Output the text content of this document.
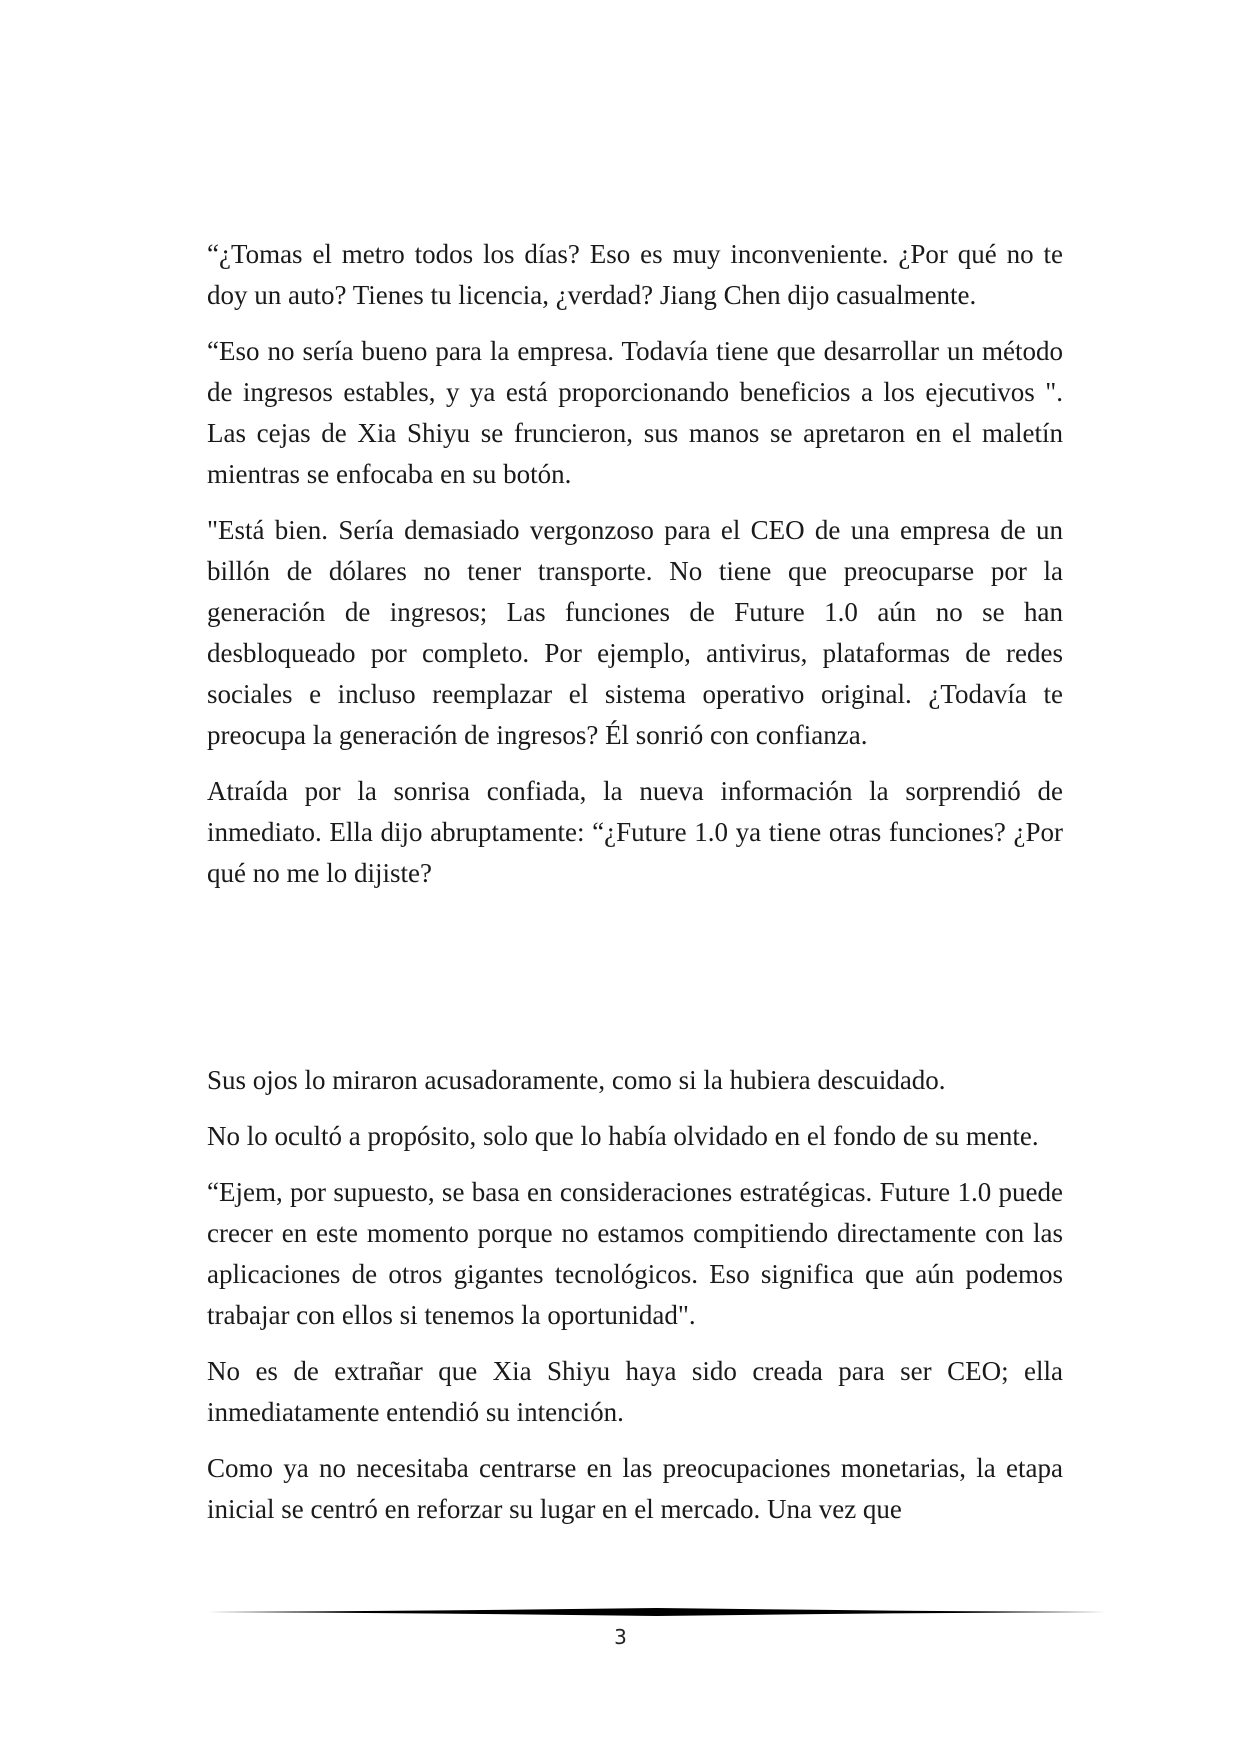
“¿Tomas el metro todos los días? Eso es muy inconveniente. ¿Por qué no te doy un auto? Tienes tu licencia, ¿verdad? Jiang Chen dijo casualmente.

“Eso no sería bueno para la empresa. Todavía tiene que desarrollar un método de ingresos estables, y ya está proporcionando beneficios a los ejecutivos ". Las cejas de Xia Shiyu se fruncieron, sus manos se apretaron en el maletín mientras se enfocaba en su botón.

"Está bien. Sería demasiado vergonzoso para el CEO de una empresa de un billón de dólares no tener transporte. No tiene que preocuparse por la generación de ingresos; Las funciones de Future 1.0 aún no se han desbloqueado por completo. Por ejemplo, antivirus, plataformas de redes sociales e incluso reemplazar el sistema operativo original. ¿Todavía te preocupa la generación de ingresos? Él sonrió con confianza.

Atraída por la sonrisa confiada, la nueva información la sorprendió de inmediato. Ella dijo abruptamente: “¿Future 1.0 ya tiene otras funciones? ¿Por qué no me lo dijiste?

Sus ojos lo miraron acusadoramente, como si la hubiera descuidado.

No lo ocultó a propósito, solo que lo había olvidado en el fondo de su mente.

“Ejem, por supuesto, se basa en consideraciones estratégicas. Future 1.0 puede crecer en este momento porque no estamos compitiendo directamente con las aplicaciones de otros gigantes tecnológicos. Eso significa que aún podemos trabajar con ellos si tenemos la oportunidad".

No es de extrañar que Xia Shiyu haya sido creada para ser CEO; ella inmediatamente entendió su intención.

Como ya no necesitaba centrarse en las preocupaciones monetarias, la etapa inicial se centró en reforzar su lugar en el mercado. Una vez que

3
